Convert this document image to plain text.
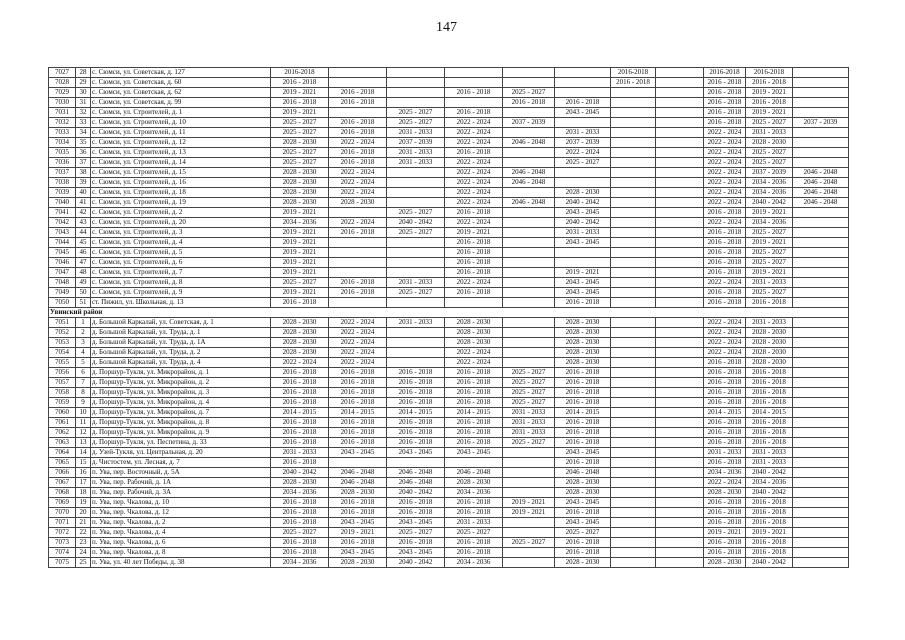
147
7027	28	с. Сюмси, ул. Советская, д. 127	2016-2018						2016-2018		2016-2018	2016-2018	
7028	29	с. Сюмси, ул. Советская, д. 60	2016 - 2018						2016 - 2018		2016 - 2018	2016 - 2018	
7029	30	с. Сюмси, ул. Советская, д. 62	2019 - 2021	2016 - 2018		2016 - 2018	2025 - 2027				2016 - 2018	2019 - 2021	
7030	31	с. Сюмси, ул. Советская, д. 99	2016 - 2018	2016 - 2018			2016 - 2018	2016 - 2018			2016 - 2018	2016 - 2018	
7031	32	с. Сюмси, ул. Строителей, д. 1	2019 - 2021		2025 - 2027	2016 - 2018		2043 - 2045			2016 - 2018	2019 - 2021	
7032	33	с. Сюмси, ул. Строителей, д. 10	2025 - 2027	2016 - 2018	2025 - 2027	2022 - 2024	2037 - 2039				2016 - 2018	2025 - 2027	2037 - 2039
7033	34	с. Сюмси, ул. Строителей, д. 11	2025 - 2027	2016 - 2018	2031 - 2033	2022 - 2024		2031 - 2033			2022 - 2024	2031 - 2033	
7034	35	с. Сюмси, ул. Строителей, д. 12	2028 - 2030	2022 - 2024	2037 - 2039	2022 - 2024	2046 - 2048	2037 - 2039			2022 - 2024	2028 - 2030	
7035	36	с. Сюмси, ул. Строителей, д. 13	2025 - 2027	2016 - 2018	2031 - 2033	2016 - 2018		2022 - 2024			2022 - 2024	2025 - 2027	
7036	37	с. Сюмси, ул. Строителей, д. 14	2025 - 2027	2016 - 2018	2031 - 2033	2022 - 2024		2025 - 2027			2022 - 2024	2025 - 2027	
7037	38	с. Сюмси, ул. Строителей, д. 15	2028 - 2030	2022 - 2024		2022 - 2024	2046 - 2048				2022 - 2024	2037 - 2039	2046 - 2048
7038	39	с. Сюмси, ул. Строителей, д. 16	2028 - 2030	2022 - 2024		2022 - 2024	2046 - 2048				2022 - 2024	2034 - 2036	2046 - 2048
7039	40	с. Сюмси, ул. Строителей, д. 18	2028 - 2030	2022 - 2024		2022 - 2024		2028 - 2030			2022 - 2024	2034 - 2036	2046 - 2048
7040	41	с. Сюмси, ул. Строителей, д. 19	2028 - 2030	2028 - 2030		2022 - 2024	2046 - 2048	2040 - 2042			2022 - 2024	2040 - 2042	2046 - 2048
7041	42	с. Сюмси, ул. Строителей, д. 2	2019 - 2021		2025 - 2027	2016 - 2018		2043 - 2045			2016 - 2018	2019 - 2021	
7042	43	с. Сюмси, ул. Строителей, д. 20	2034 - 2036	2022 - 2024	2040 - 2042	2022 - 2024		2040 - 2042			2022 - 2024	2034 - 2036	
7043	44	с. Сюмси, ул. Строителей, д. 3	2019 - 2021	2016 - 2018	2025 - 2027	2019 - 2021		2031 - 2033			2016 - 2018	2025 - 2027	
7044	45	с. Сюмси, ул. Строителей, д. 4	2019 - 2021			2016 - 2018		2043 - 2045			2016 - 2018	2019 - 2021	
7045	46	с. Сюмси, ул. Строителей, д. 5	2019 - 2021			2016 - 2018					2016 - 2018	2025 - 2027	
7046	47	с. Сюмси, ул. Строителей, д. 6	2019 - 2021			2016 - 2018					2016 - 2018	2025 - 2027	
7047	48	с. Сюмси, ул. Строителей, д. 7	2019 - 2021			2016 - 2018		2019 - 2021			2016 - 2018	2019 - 2021	
7048	49	с. Сюмси, ул. Строителей, д. 8	2025 - 2027	2016 - 2018	2031 - 2033	2022 - 2024		2043 - 2045			2022 - 2024	2031 - 2033	
7049	50	с. Сюмси, ул. Строителей, д. 9	2019 - 2021	2016 - 2018	2025 - 2027	2016 - 2018		2043 - 2045			2016 - 2018	2025 - 2027	
7050	51	ст. Пижил, ул. Школьная, д. 13	2016 - 2018					2016 - 2018			2016 - 2018	2016 - 2018	
Увинский район													
7051	1	д. Большой Каркалай, ул. Советская, д. 1	2028 - 2030	2022 - 2024	2031 - 2033	2028 - 2030		2028 - 2030			2022 - 2024	2031 - 2033	
7052	2	д. Большой Каркалай, ул. Труда, д. 1	2028 - 2030	2022 - 2024		2028 - 2030		2028 - 2030			2022 - 2024	2028 - 2030	
7053	3	д. Большой Каркалай, ул. Труда, д. 1А	2028 - 2030	2022 - 2024		2028 - 2030		2028 - 2030			2022 - 2024	2028 - 2030	
7054	4	д. Большой Каркалай, ул. Труда, д. 2	2028 - 2030	2022 - 2024		2022 - 2024		2028 - 2030			2022 - 2024	2028 - 2030	
7055	5	д. Большой Каркалай, ул. Труда, д. 4	2022 - 2024	2022 - 2024		2022 - 2024		2028 - 2030			2016 - 2018	2028 - 2030	
7056	6	д. Поршур-Тукля, ул. Микрорайон, д. 1	2016 - 2018	2016 - 2018	2016 - 2018	2016 - 2018	2025 - 2027	2016 - 2018			2016 - 2018	2016 - 2018	
7057	7	д. Поршур-Тукля, ул. Микрорайон, д. 2	2016 - 2018	2016 - 2018	2016 - 2018	2016 - 2018	2025 - 2027	2016 - 2018			2016 - 2018	2016 - 2018	
7058	8	д. Поршур-Тукля, ул. Микрорайон, д. 3	2016 - 2018	2016 - 2018	2016 - 2018	2016 - 2018	2025 - 2027	2016 - 2018			2016 - 2018	2016 - 2018	
7059	9	д. Поршур-Тукля, ул. Микрорайон, д. 4	2016 - 2018	2016 - 2018	2016 - 2018	2016 - 2018	2025 - 2027	2016 - 2018			2016 - 2018	2016 - 2018	
7060	10	д. Поршур-Тукля, ул. Микрорайон, д. 7	2014 - 2015	2014 - 2015	2014 - 2015	2014 - 2015	2031 - 2033	2014 - 2015			2014 - 2015	2014 - 2015	
7061	11	д. Поршур-Тукля, ул. Микрорайон, д. 8	2016 - 2018	2016 - 2018	2016 - 2018	2016 - 2018	2031 - 2033	2016 - 2018			2016 - 2018	2016 - 2018	
7062	12	д. Поршур-Тукля, ул. Микрорайон, д. 9	2016 - 2018	2016 - 2018	2016 - 2018	2016 - 2018	2031 - 2033	2016 - 2018			2016 - 2018	2016 - 2018	
7063	13	д. Поршур-Тукля, ул. Песпетина, д. 33	2016 - 2018	2016 - 2018	2016 - 2018	2016 - 2018	2025 - 2027	2016 - 2018			2016 - 2018	2016 - 2018	
7064	14	д. Узей-Тукля, ул. Центральная, д. 20	2031 - 2033	2043 - 2045	2043 - 2045	2043 - 2045		2043 - 2045			2031 - 2033	2031 - 2033	
7065	15	д. Чистостем, ул. Лесная, д. 7	2016 - 2018					2016 - 2018			2016 - 2018	2031 - 2033	
7066	16	п. Ува, пер. Восточный, д. 5А	2040 - 2042	2046 - 2048	2046 - 2048	2046 - 2048		2046 - 2048			2034 - 2036	2040 - 2042	
7067	17	п. Ува, пер. Рабочий, д. 1А	2028 - 2030	2046 - 2048	2046 - 2048	2028 - 2030		2028 - 2030			2022 - 2024	2034 - 2036	
7068	18	п. Ува, пер. Рабочий, д. 3А	2034 - 2036	2028 - 2030	2040 - 2042	2034 - 2036		2028 - 2030			2028 - 2030	2040 - 2042	
7069	19	п. Ува, пер. Чкалова, д. 10	2016 - 2018	2016 - 2018	2016 - 2018	2016 - 2018	2019 - 2021	2043 - 2045			2016 - 2018	2016 - 2018	
7070	20	п. Ува, пер. Чкалова, д. 12	2016 - 2018	2016 - 2018	2016 - 2018	2016 - 2018	2019 - 2021	2016 - 2018			2016 - 2018	2016 - 2018	
7071	21	п. Ува, пер. Чкалова, д. 2	2016 - 2018	2043 - 2045	2043 - 2045	2031 - 2033		2043 - 2045			2016 - 2018	2016 - 2018	
7072	22	п. Ува, пер. Чкалова, д. 4	2025 - 2027	2019 - 2021	2025 - 2027	2025 - 2027		2025 - 2027			2019 - 2021	2019 - 2021	
7073	23	п. Ува, пер. Чкалова, д. 6	2016 - 2018	2016 - 2018	2016 - 2018	2016 - 2018	2025 - 2027	2016 - 2018			2016 - 2018	2016 - 2018	
7074	24	п. Ува, пер. Чкалова, д. 8	2016 - 2018	2043 - 2045	2043 - 2045	2016 - 2018		2016 - 2018			2016 - 2018	2016 - 2018	
7075	25	п. Ува, ул. 40 лет Победы, д. 38	2034 - 2036	2028 - 2030	2040 - 2042	2034 - 2036		2028 - 2030			2028 - 2030	2040 - 2042	
